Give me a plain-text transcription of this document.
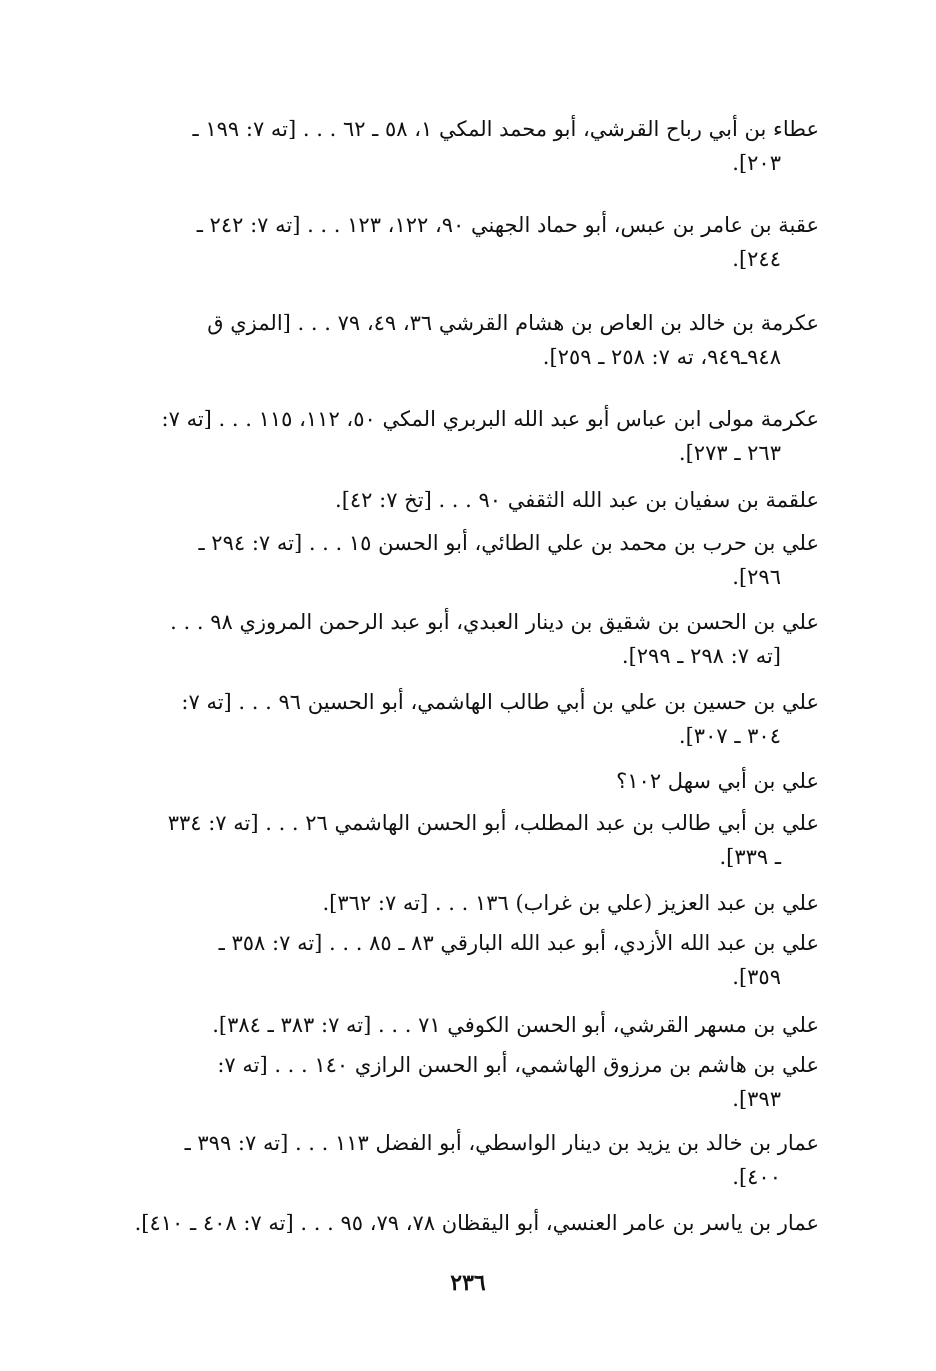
عطاء بن أبي رباح القرشي، أبو محمد المكي ١، ٥٨ ـ ٦٢ . . . [ته ٧: ١٩٩ ـ
٢٠٣].
عقبة بن عامر بن عبس، أبو حماد الجهني ٩٠، ١٢٢، ١٢٣ . . . [ته ٧: ٢٤٢ ـ
٢٤٤].
عكرمة بن خالد بن العاص بن هشام القرشي ٣٦، ٤٩، ٧٩ . . . [المزي ق
٩٤٨ـ٩٤٩، ته ٧: ٢٥٨ ـ ٢٥٩].
عكرمة مولى ابن عباس أبو عبد الله البربري المكي ٥٠، ١١٢، ١١٥ . . . [ته ٧:
٢٦٣ ـ ٢٧٣].
علقمة بن سفيان بن عبد الله الثقفي ٩٠ . . . [تخ ٧: ٤٢].
علي بن حرب بن محمد بن علي الطائي، أبو الحسن ١٥ . . . [ته ٧: ٢٩٤ ـ
٢٩٦].
علي بن الحسن بن شقيق بن دينار العبدي، أبو عبد الرحمن المروزي ٩٨ . . .
[ته ٧: ٢٩٨ ـ ٢٩٩].
علي بن حسين بن علي بن أبي طالب الهاشمي، أبو الحسين ٩٦ . . . [ته ٧:
٣٠٤ ـ ٣٠٧].
علي بن أبي سهل ١٠٢؟
علي بن أبي طالب بن عبد المطلب، أبو الحسن الهاشمي ٢٦ . . . [ته ٧: ٣٣٤
ـ ٣٣٩].
علي بن عبد العزيز (علي بن غراب) ١٣٦ . . . [ته ٧: ٣٦٢].
علي بن عبد الله الأزدي، أبو عبد الله البارقي ٨٣ ـ ٨٥ . . . [ته ٧: ٣٥٨ ـ
٣٥٩].
علي بن مسهر القرشي، أبو الحسن الكوفي ٧١ . . . [ته ٧: ٣٨٣ ـ ٣٨٤].
علي بن هاشم بن مرزوق الهاشمي، أبو الحسن الرازي ١٤٠ . . . [ته ٧:
٣٩٣].
عمار بن خالد بن يزيد بن دينار الواسطي، أبو الفضل ١١٣ . . . [ته ٧: ٣٩٩ ـ
٤٠٠].
عمار بن ياسر بن عامر العنسي، أبو اليقظان ٧٨، ٧٩، ٩٥ . . . [ته ٧: ٤٠٨ ـ ٤١٠].
٢٣٦
